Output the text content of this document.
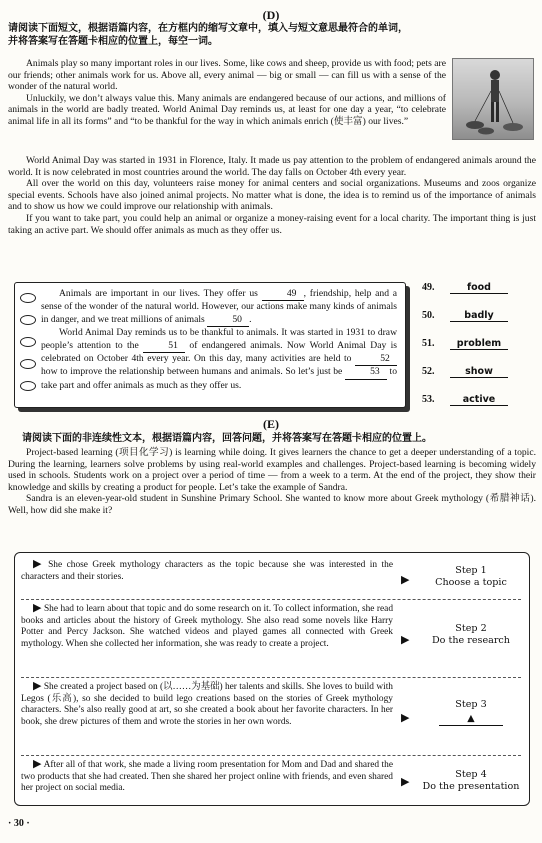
(D)
请阅读下面短文，根据语篇内容，在方框内的缩写文章中，填入与短文意思最符合的单词，
并将答案写在答题卡相应的位置上，每空一词。

Animals play so many important roles in our lives. Some, like cows and sheep, provide us with food; pets are our friends; other animals work for us. Above all, every animal — big or small — can fill us with a sense of the wonder of the natural world.

Unluckily, we don’t always value this. Many animals are endangered because of our actions, and millions of animals in the world are badly treated. World Animal Day reminds us, at least for one day a year, “to celebrate animal life in all its forms” and “to be thankful for the way in which animals enrich (使丰富) our lives.”

World Animal Day was started in 1931 in Florence, Italy. It made us pay attention to the problem of endangered animals around the world. It is now celebrated in most countries around the world. The day falls on October 4th every year.

All over the world on this day, volunteers raise money for animal centers and social organizations. Museums and zoos organize special events. Schools have also joined animal projects. No matter what is done, the idea is to remind us of the importance of animals and to show us how we could improve our relationship with animals.

If you want to take part, you could help an animal or organize a money-raising event for a local charity. The important thing is just taking an active part. We should offer animals as much as they offer us.

Animals are important in our lives. They offer us	49 , friendship, help and a sense of the wonder of the natural world. However, our actions make many kinds of animals in danger, and we treat millions of animals	50 .

World Animal Day reminds us to be thankful to animals. It was started in 1931 to draw people’s attention to the	51 of endangered animals. Now World Animal Day is celebrated on October 4th every year. On this day, many activities are held to	52 how to improve the relationship between humans and animals. So let’s just be	53 to take part and offer animals as much as they offer us.

49.	food
50.	badly
51. problem
52.	show
53.	active
(E)
请阅读下面的非连续性文本，根据语篇内容，回答问题，并将答案写在答题卡相应的位置上。

Project-based learning (项目化学习) is learning while doing. It gives learners the chance to get a deeper understanding of a topic. During the learning, learners solve problems by using real-world examples and challenges. Project-based learning is becoming widely used in schools. Students work on a project over a period of time — from a week to a term. At the end of the project, they show their knowledge and skills by creating a product for people. Let’s take the example of Sandra.

Sandra is an eleven-year-old student in Sunshine Primary School. She wanted to know more about Greek mythology (希腊神话). Well, how did she make it?

▶ She chose Greek mythology characters as the topic because she was interested in the characters and their stories.	▶
Step 1
Choose a topic

▶ She had to learn about that topic and do some research on it. To collect information, she read books and articles about the history of Greek mythology. She also read some novels like Harry Potter and Percy Jackson. She watched videos and played games all connected with Greek mythology. When she collected her information, she was ready to create a project.	▶
Step 2
Do the research

▶ She created a project based on (以……为基础) her talents and skills. She loves to build with Legos (乐高), so she decided to build lego creations based on the stories of Greek mythology characters. She’s also really good at art, so she created a book about her favorite characters. In her book, she drew pictures of them and wrote the stories in her own words.	▶
Step 3
▲

▶ After all of that work, she made a living room presentation for Mom and Dad and shared the two products that she had created. Then she shared her project online with friends, and even shared her project on social media.

▶
Step 4
Do the presentation
· 30 ·
